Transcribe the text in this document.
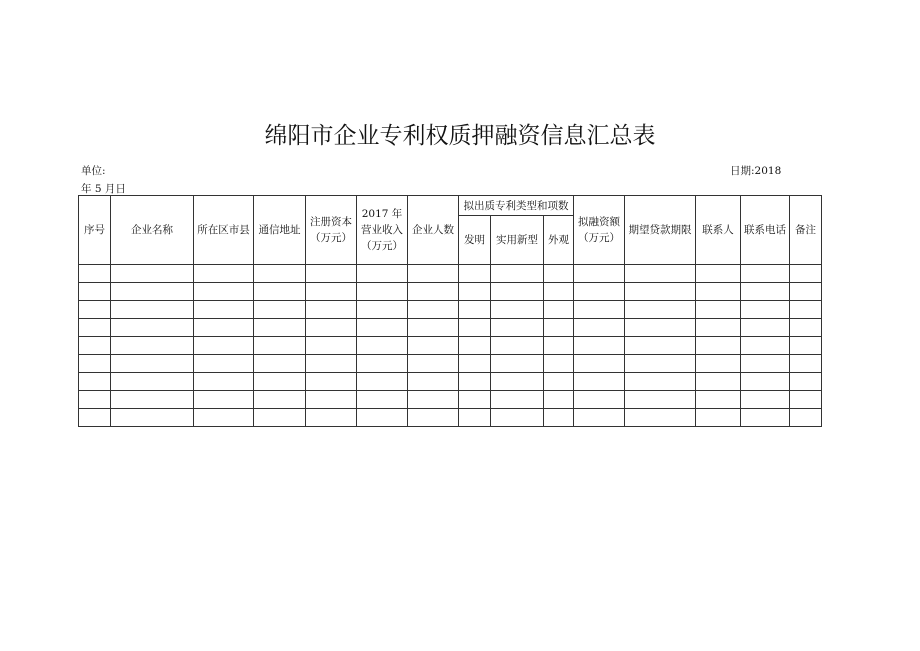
绵阳市企业专利权质押融资信息汇总表
单位:	日期:2018
年 5 月日
序号	企业名称	所在区市县	通信地址	注册资本（万元）	2017 年营业收入（万元）	企业人数	拟出质专利类型和项数			拟融资额（万元）	期望贷款期限	联系人	联系电话	备注
							发明	实用新型	外观					
